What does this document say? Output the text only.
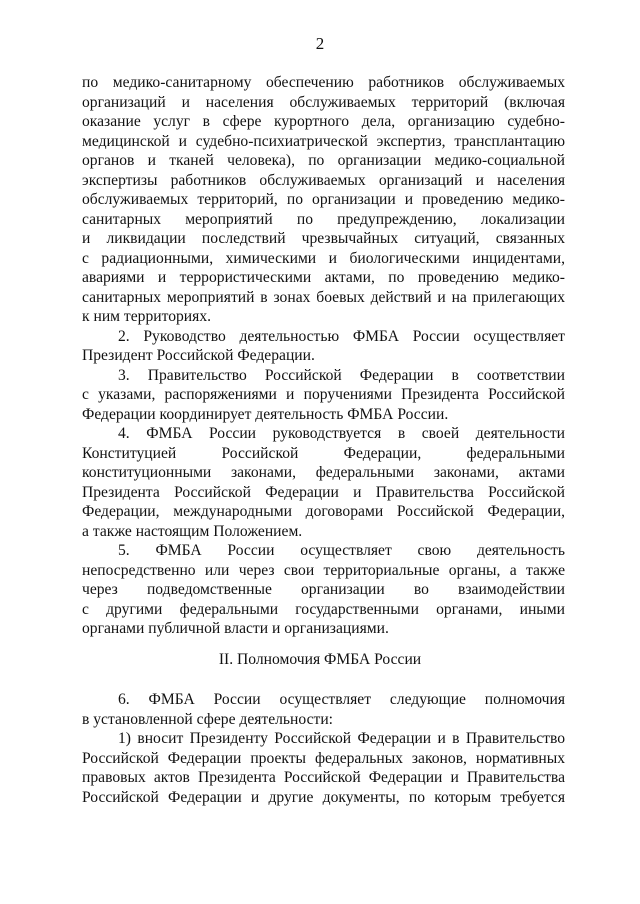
2
по медико-санитарному обеспечению работников обслуживаемых
организаций и населения обслуживаемых территорий (включая
оказание услуг в сфере курортного дела, организацию судебно-
медицинской и судебно-психиатрической экспертиз, трансплантацию
органов и тканей человека), по организации медико-социальной
экспертизы работников обслуживаемых организаций и населения
обслуживаемых территорий, по организации и проведению медико-
санитарных мероприятий по предупреждению, локализации
и ликвидации последствий чрезвычайных ситуаций, связанных
с радиационными, химическими и биологическими инцидентами,
авариями и террористическими актами, по проведению медико-
санитарных мероприятий в зонах боевых действий и на прилегающих
к ним территориях.
2. Руководство деятельностью ФМБА России осуществляет
Президент Российской Федерации.
3. Правительство Российской Федерации в соответствии
с указами, распоряжениями и поручениями Президента Российской
Федерации координирует деятельность ФМБА России.
4. ФМБА России руководствуется в своей деятельности
Конституцией Российской Федерации, федеральными
конституционными законами, федеральными законами, актами
Президента Российской Федерации и Правительства Российской
Федерации, международными договорами Российской Федерации,
а также настоящим Положением.
5. ФМБА России осуществляет свою деятельность
непосредственно или через свои территориальные органы, а также
через подведомственные организации во взаимодействии
с другими федеральными государственными органами, иными
органами публичной власти и организациями.
II. Полномочия ФМБА России
6. ФМБА России осуществляет следующие полномочия
в установленной сфере деятельности:
1) вносит Президенту Российской Федерации и в Правительство
Российской Федерации проекты федеральных законов, нормативных
правовых актов Президента Российской Федерации и Правительства
Российской Федерации и другие документы, по которым требуется
